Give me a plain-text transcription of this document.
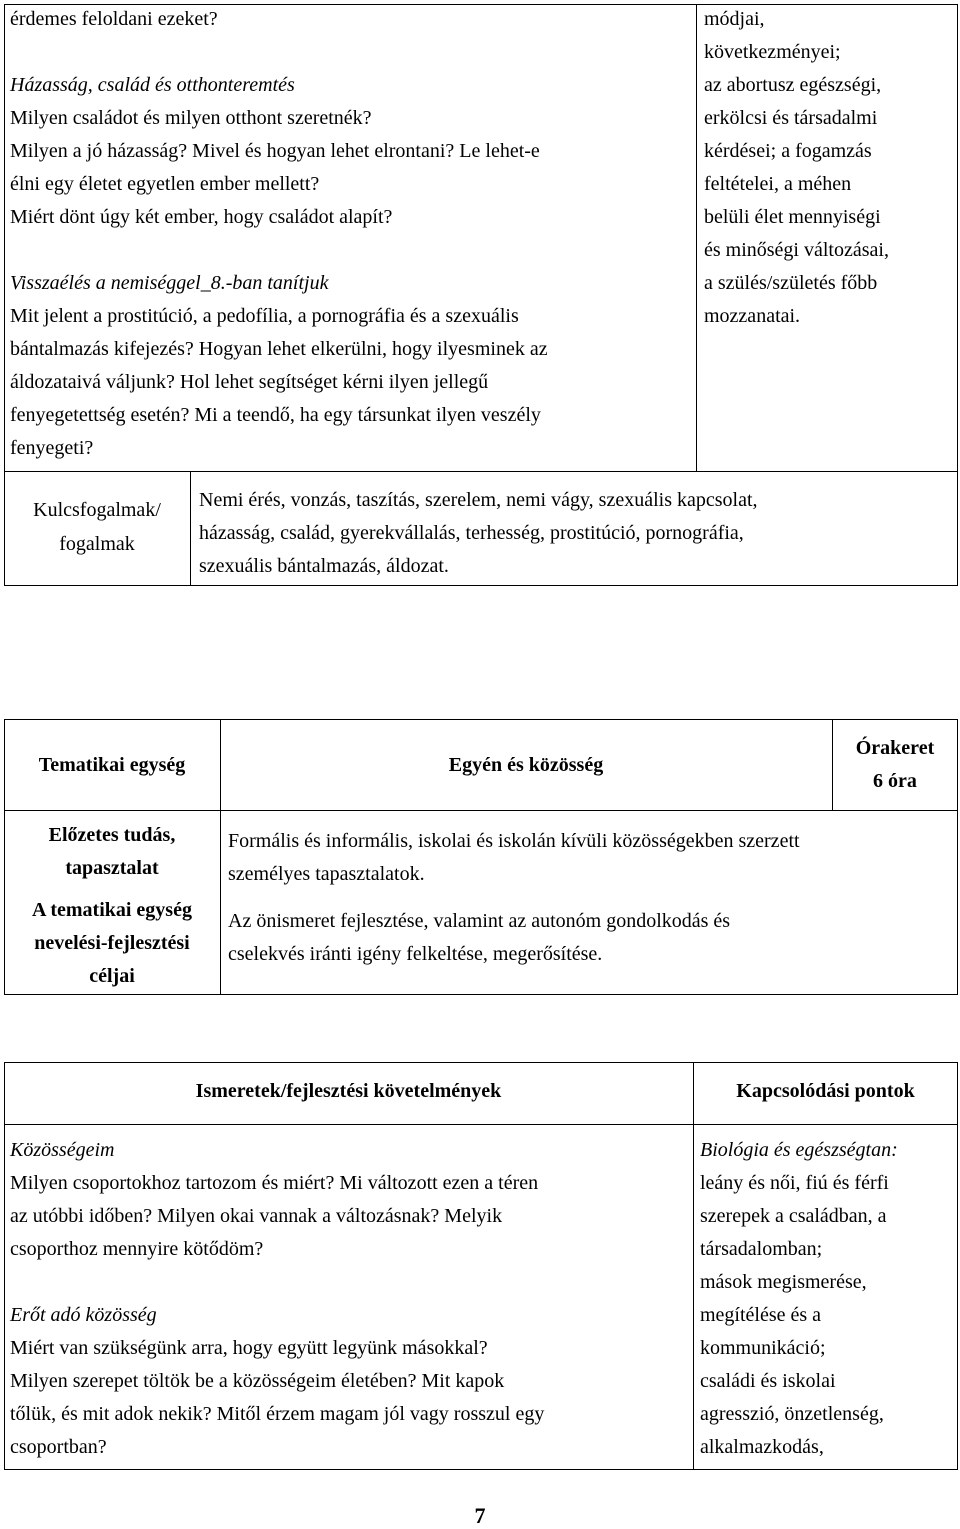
érdemes feloldani ezeket?

Házasság, család és otthonteremtés

Milyen családot és milyen otthont szeretnék?

Milyen a jó házasság? Mivel és hogyan lehet elrontani? Le lehet-e

élni egy életet egyetlen ember mellett?

Miért dönt úgy két ember, hogy családot alapít?

Visszaélés a nemiséggel_8.-ban tanítjuk

Mit jelent a prostitúció, a pedofília, a pornográfia és a szexuális

bántalmazás kifejezés? Hogyan lehet elkerülni, hogy ilyesminek az

áldozataivá váljunk? Hol lehet segítséget kérni ilyen jellegű

fenyegetettség esetén? Mi a teendő, ha egy társunkat ilyen veszély

fenyegeti?

módjai,

következményei;

az abortusz egészségi,

erkölcsi és társadalmi

kérdései; a fogamzás

feltételei, a méhen

belüli élet mennyiségi

és minőségi változásai,

a szülés/születés főbb

mozzanatai.

Kulcsfogalmak/

fogalmak

Nemi érés, vonzás, taszítás, szerelem, nemi vágy, szexuális kapcsolat,

házasság, család, gyerekvállalás, terhesség, prostitúció, pornográfia,

szexuális bántalmazás, áldozat.

Tematikai egység	Egyén és közösség

Órakeret

6 óra

Előzetes tudás,

tapasztalat

Formális és informális, iskolai és iskolán kívüli közösségekben szerzett

személyes tapasztalatok.

A tematikai egység

nevelési-fejlesztési

céljai

Az önismeret fejlesztése, valamint az autonóm gondolkodás és

cselekvés iránti igény felkeltése, megerősítése.

Ismeretek/fejlesztési követelmények	Kapcsolódási pontok

Közösségeim

Milyen csoportokhoz tartozom és miért? Mi változott ezen a téren

az utóbbi időben? Milyen okai vannak a változásnak? Melyik

csoporthoz mennyire kötődöm?

Erőt adó közösség

Miért van szükségünk arra, hogy együtt legyünk másokkal?

Milyen szerepet töltök be a közösségeim életében? Mit kapok

tőlük, és mit adok nekik? Mitől érzem magam jól vagy rosszul egy

csoportban?

Biológia és egészségtan:

leány és női, fiú és férfi

szerepek a családban, a

társadalomban;

mások megismerése,

megítélése és a

kommunikáció;

családi és iskolai

agresszió, önzetlenség,

alkalmazkodás,

7
